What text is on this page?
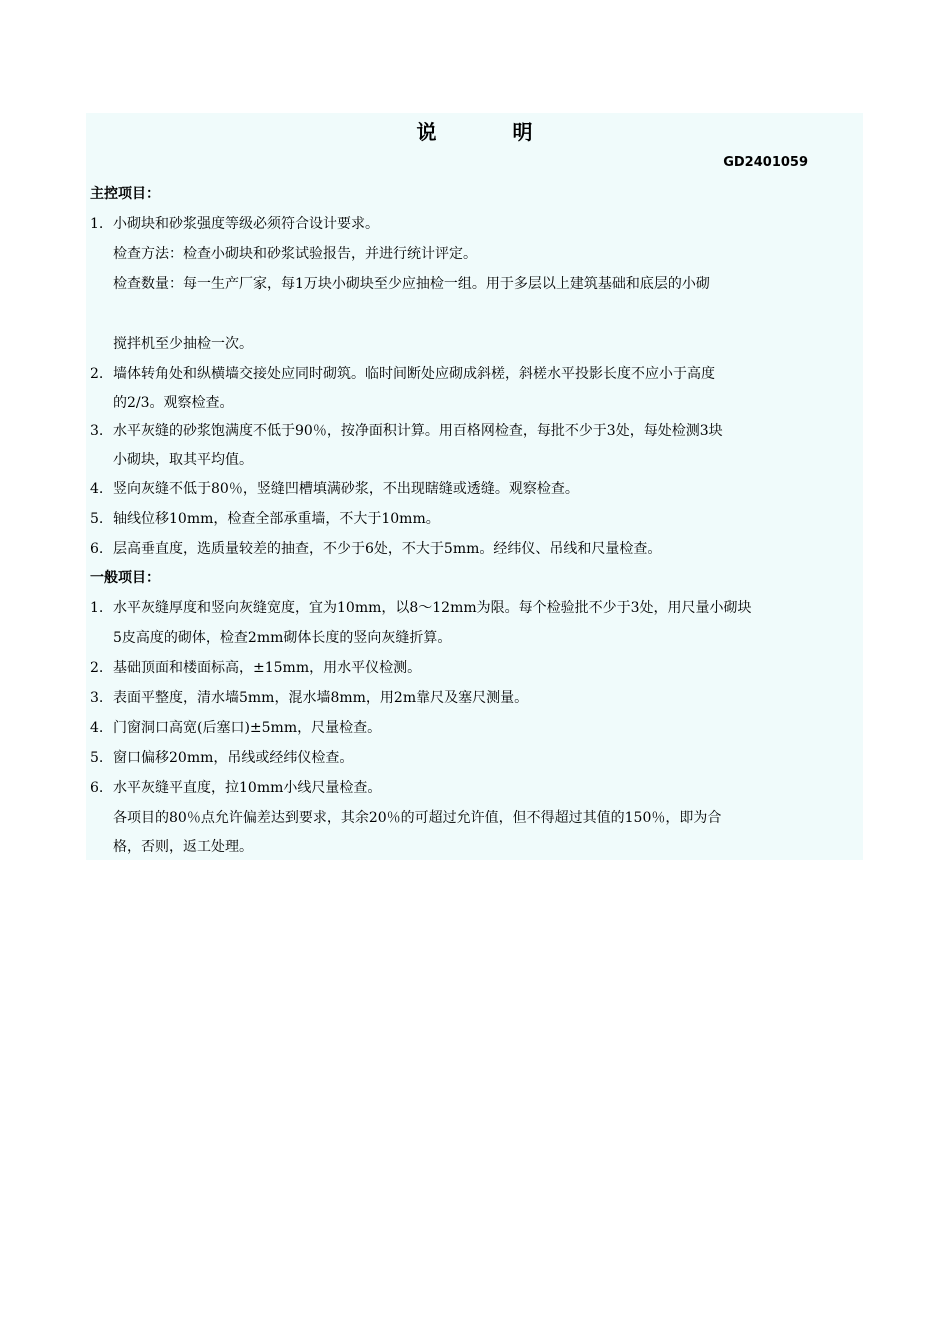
说　明
GD2401059
主控项目：
1. 小砌块和砂浆强度等级必须符合设计要求。
检查方法：检查小砌块和砂浆试验报告，并进行统计评定。
检查数量：每一生产厂家，每1万块小砌块至少应抽检一组。用于多层以上建筑基础和底层的小砌
搅拌机至少抽检一次。
2. 墙体转角处和纵横墙交接处应同时砌筑。临时间断处应砌成斜槎，斜槎水平投影长度不应小于高度
的2/3。观察检查。
3. 水平灰缝的砂浆饱满度不低于90％，按净面积计算。用百格网检查，每批不少于3处，每处检测3块
小砌块，取其平均值。
4. 竖向灰缝不低于80％，竖缝凹槽填满砂浆，不出现瞎缝或透缝。观察检查。
5. 轴线位移10mm，检查全部承重墙，不大于10mm。
6. 层高垂直度，选质量较差的抽查，不少于6处，不大于5mm。经纬仪、吊线和尺量检查。
一般项目：
1. 水平灰缝厚度和竖向灰缝宽度，宜为10mm，以8～12mm为限。每个检验批不少于3处，用尺量小砌块
5皮高度的砌体，检查2mm砌体长度的竖向灰缝折算。
2. 基础顶面和楼面标高，±15mm，用水平仪检测。
3. 表面平整度，清水墙5mm，混水墙8mm，用2m靠尺及塞尺测量。
4. 门窗洞口高宽(后塞口)±5mm，尺量检查。
5. 窗口偏移20mm，吊线或经纬仪检查。
6. 水平灰缝平直度，拉10mm小线尺量检查。
各项目的80％点允许偏差达到要求，其余20％的可超过允许值，但不得超过其值的150％，即为合
格，否则，返工处理。
